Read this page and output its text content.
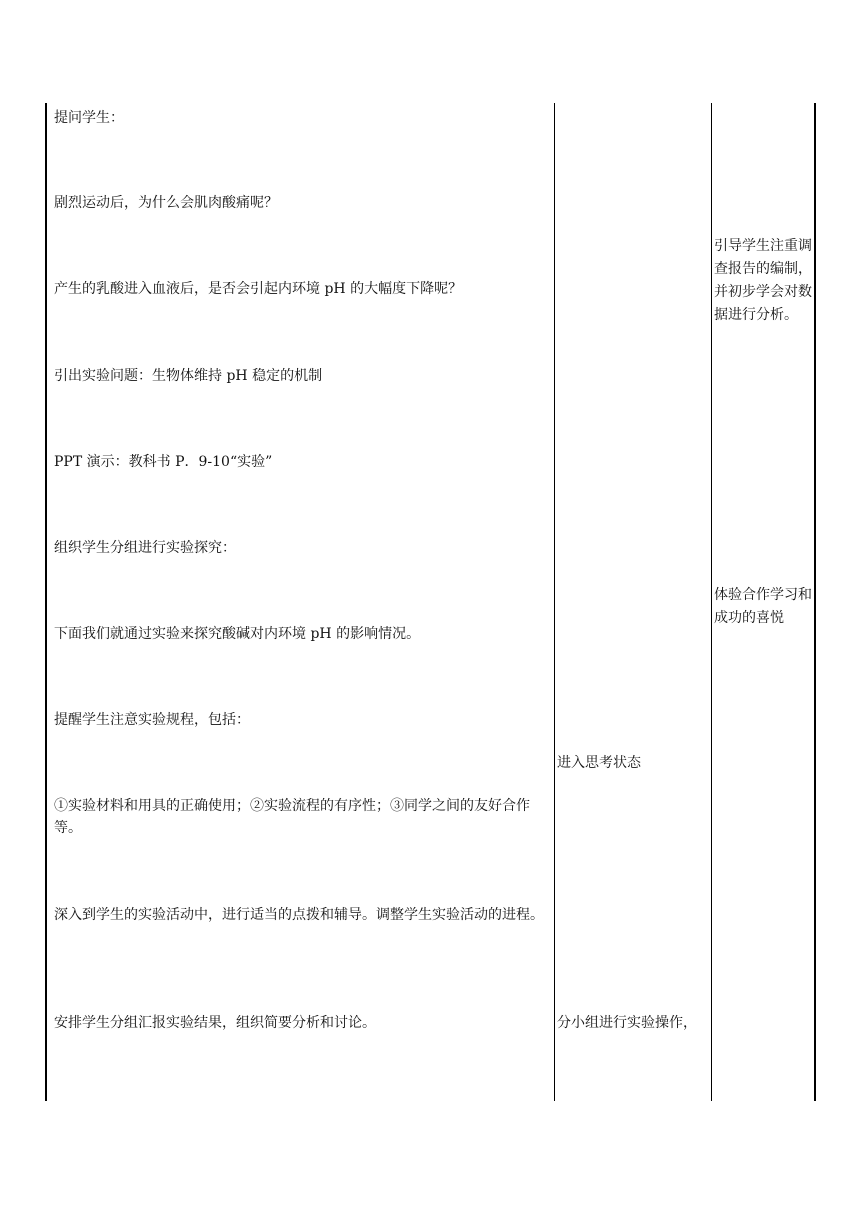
提问学生：
剧烈运动后，为什么会肌肉酸痛呢？
产生的乳酸进入血液后，是否会引起内环境 pH 的大幅度下降呢？
引出实验问题：生物体维持 pH 稳定的机制
PPT 演示：教科书 P．9-10“实验”
组织学生分组进行实验探究：
下面我们就通过实验来探究酸碱对内环境 pH 的影响情况。
提醒学生注意实验规程，包括：
①实验材料和用具的正确使用；②实验流程的有序性；③同学之间的友好合作等。
深入到学生的实验活动中，进行适当的点拨和辅导。调整学生实验活动的进程。
安排学生分组汇报实验结果，组织简要分析和讨论。
进入思考状态
分小组进行实验操作，
引导学生注重调查报告的编制，并初步学会对数据进行分析。
体验合作学习和成功的喜悦
